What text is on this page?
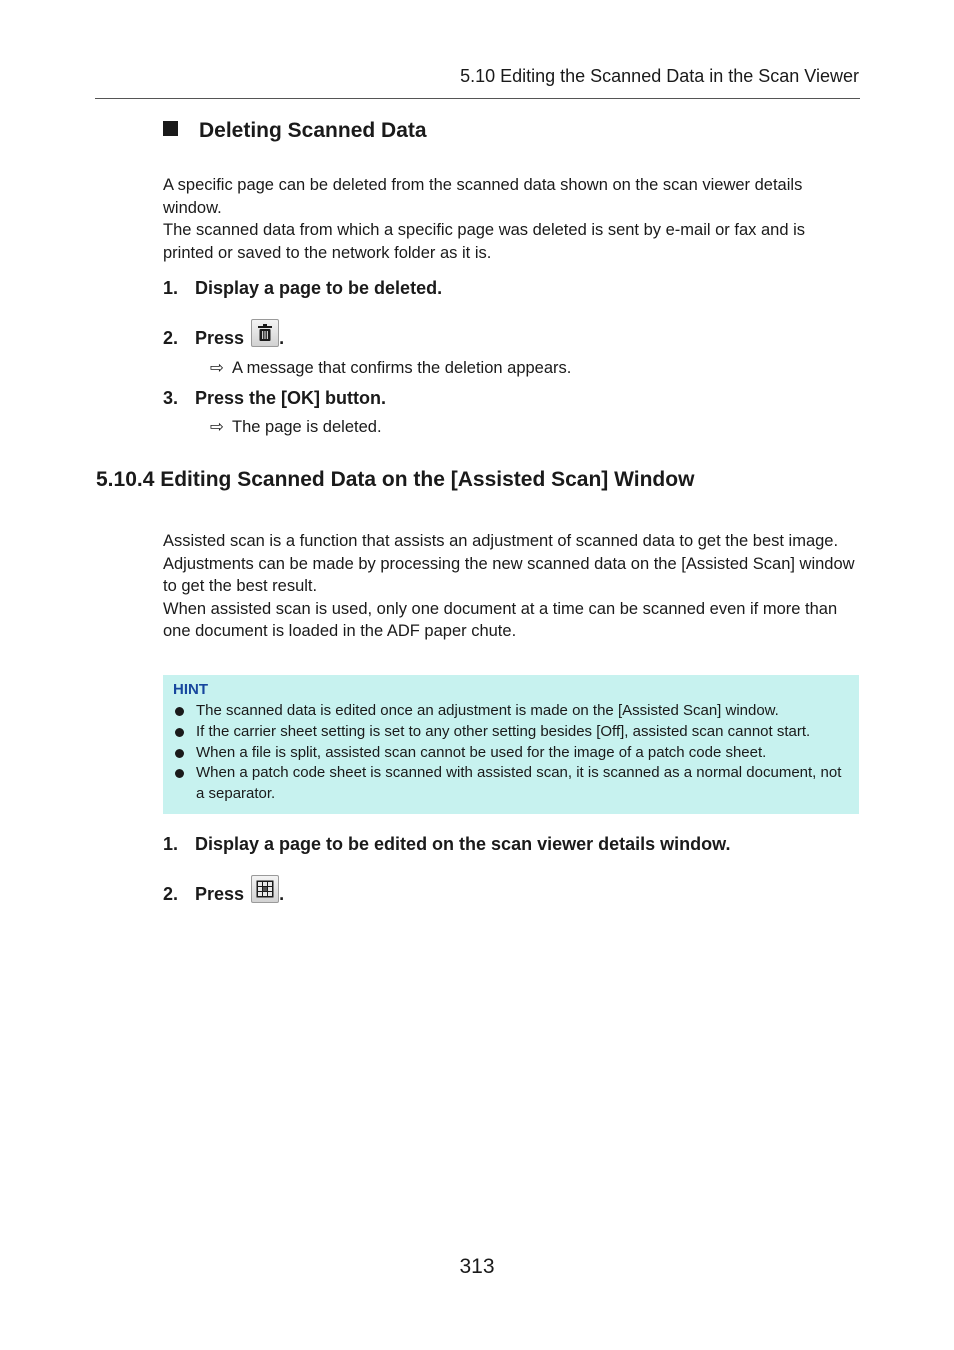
5.10 Editing the Scanned Data in the Scan Viewer
Deleting Scanned Data

A specific page can be deleted from the scanned data shown on the scan viewer details window.

The scanned data from which a specific page was deleted is sent by e-mail or fax and is printed or saved to the network folder as it is.

1. Display a page to be deleted.
2. Press .
⇨ A message that confirms the deletion appears.
3. Press the [OK] button.
⇨ The page is deleted.
5.10.4 Editing Scanned Data on the [Assisted Scan] Window

Assisted scan is a function that assists an adjustment of scanned data to get the best image.

Adjustments can be made by processing the new scanned data on the [Assisted Scan] window to get the best result.

When assisted scan is used, only one document at a time can be scanned even if more than one document is loaded in the ADF paper chute.

HINT
The scanned data is edited once an adjustment is made on the [Assisted Scan] window.
If the carrier sheet setting is set to any other setting besides [Off], assisted scan cannot start.
When a file is split, assisted scan cannot be used for the image of a patch code sheet.
When a patch code sheet is scanned with assisted scan, it is scanned as a normal document, not a separator.
1. Display a page to be edited on the scan viewer details window.
2. Press .
313
